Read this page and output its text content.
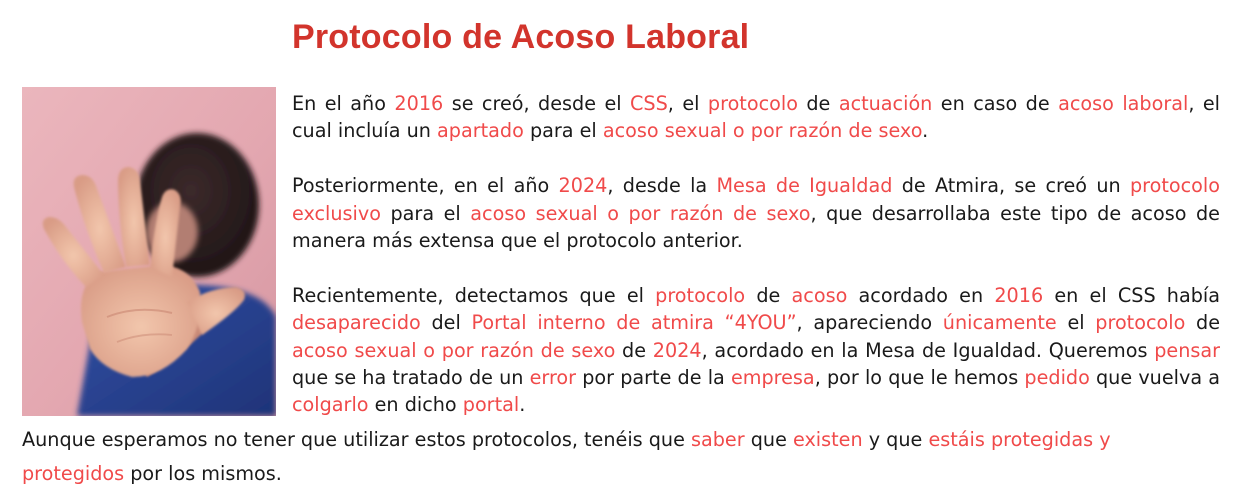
Protocolo de Acoso Laboral

En el año 2016 se creó, desde el CSS, el protocolo de actuación en caso de acoso laboral, el cual incluía un apartado para el acoso sexual o por razón de sexo.

Posteriormente, en el año 2024, desde la Mesa de Igualdad de Atmira, se creó un protocolo exclusivo para el acoso sexual o por razón de sexo, que desarrollaba este tipo de acoso de manera más extensa que el protocolo anterior.

Recientemente, detectamos que el protocolo de acoso acordado en 2016 en el CSS había desaparecido del Portal interno de atmira “4YOU”, apareciendo únicamente el protocolo de acoso sexual o por razón de sexo de 2024, acordado en la Mesa de Igualdad. Queremos pensar que se ha tratado de un error por parte de la empresa, por lo que le hemos pedido que vuelva a colgarlo en dicho portal.

Aunque esperamos no tener que utilizar estos protocolos, tenéis que saber que existen y que estáis protegidas y protegidos por los mismos.
